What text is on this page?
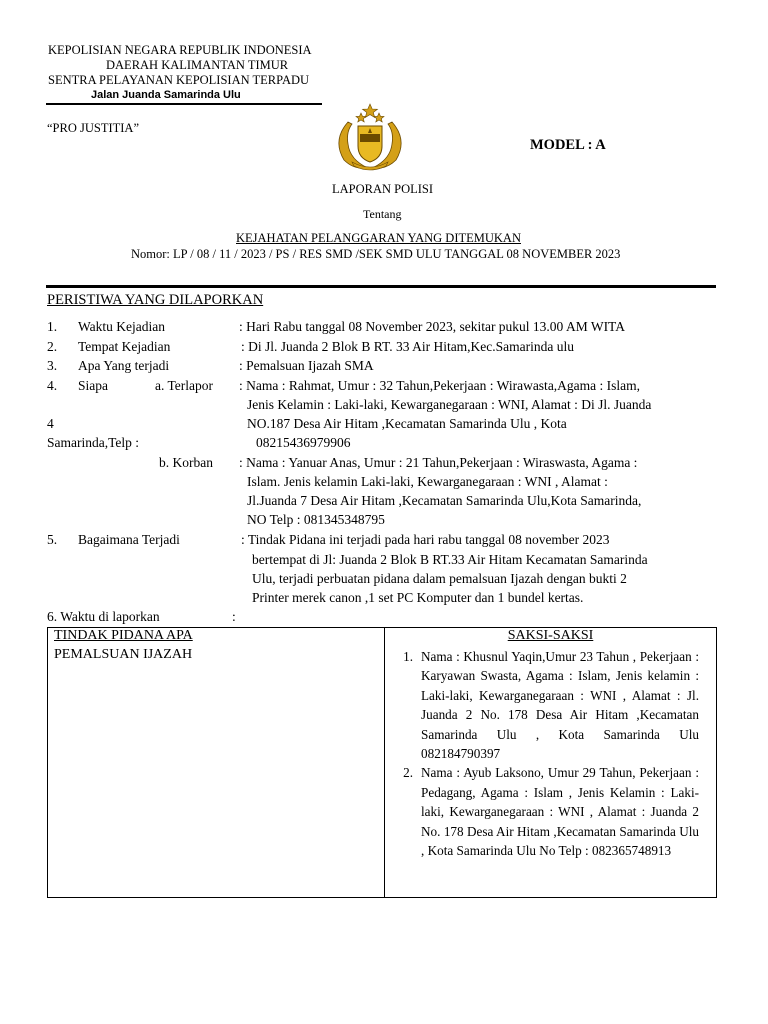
KEPOLISIAN NEGARA REPUBLIK INDONESIA
DAERAH KALIMANTAN TIMUR
SENTRA PELAYANAN KEPOLISIAN TERPADU
Jalan Juanda Samarinda Ulu
“PRO JUSTITIA”
MODEL : A
LAPORAN POLISI
Tentang
KEJAHATAN PELANGGARAN YANG DITEMUKAN
Nomor: LP / 08 / 11 / 2023 / PS / RES SMD /SEK SMD ULU TANGGAL 08 NOVEMBER 2023
PERISTIWA YANG DILAPORKAN
1. Waktu Kejadian	: Hari Rabu tanggal 08 November 2023, sekitar pukul 13.00 AM WITA
2. Tempat Kejadian	: Di Jl. Juanda 2 Blok B RT. 33 Air Hitam,Kec.Samarinda ulu
3. Apa Yang terjadi	: Pemalsuan Ijazah SMA
4. Siapa	a. Terlapor : Nama : Rahmat, Umur : 32 Tahun,Pekerjaan : Wirawasta,Agama : Islam,
Jenis Kelamin : Laki-laki, Kewarganegaraan : WNI, Alamat : Di Jl. Juanda
4	NO.187 Desa Air Hitam ,Kecamatan Samarinda Ulu , Kota
Samarinda,Telp :	08215436979906
b. Korban : Nama : Yanuar Anas, Umur : 21 Tahun,Pekerjaan : Wiraswasta, Agama :
Islam. Jenis kelamin Laki-laki, Kewarganegaraan : WNI , Alamat :
Jl.Juanda 7 Desa Air Hitam ,Kecamatan Samarinda Ulu,Kota Samarinda,
NO Telp : 081345348795
5. Bagaimana Terjadi	: Tindak Pidana ini terjadi pada hari rabu tanggal 08 november 2023
bertempat di Jl: Juanda 2 Blok B RT.33 Air Hitam Kecamatan Samarinda
Ulu, terjadi perbuatan pidana dalam pemalsuan Ijazah dengan bukti 2
Printer merek canon ,1 set PC Komputer dan 1 bundel kertas.
6. Waktu di laporkan	:
TINDAK PIDANA APA
PEMALSUAN IJAZAH

SAKSI-SAKSI
1. Nama : Khusnul Yaqin,Umur 23 Tahun , Pekerjaan : Karyawan Swasta, Agama : Islam, Jenis kelamin : Laki-laki, Kewarganegaraan : WNI , Alamat : Jl. Juanda 2 No. 178 Desa Air Hitam ,Kecamatan Samarinda Ulu , Kota Samarinda Ulu 082184790397
2. Nama : Ayub Laksono, Umur 29 Tahun, Pekerjaan : Pedagang, Agama : Islam , Jenis Kelamin : Laki-laki, Kewarganegaraan : WNI , Alamat : Juanda 2 No. 178 Desa Air Hitam ,Kecamatan Samarinda Ulu , Kota Samarinda Ulu No Telp : 082365748913
